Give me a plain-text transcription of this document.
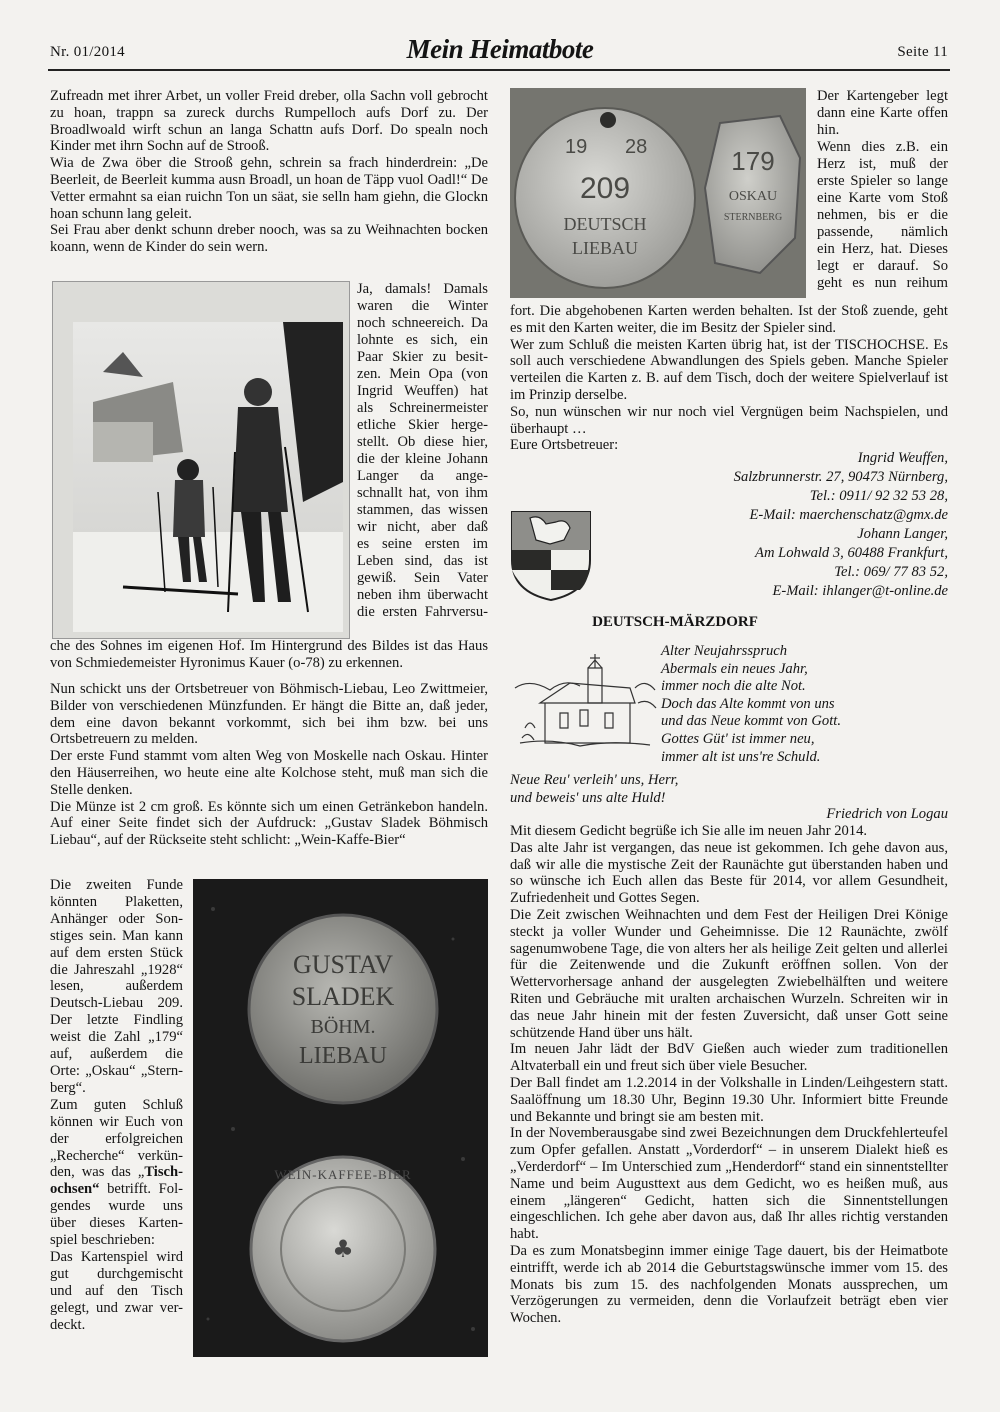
Nr. 01/2014	Mein Heimatbote	Seite 11

Zufreadn met ihrer Arbet, un voller Freid dreber, olla Sachn voll gebrocht zu hoan, trappn sa zureck durchs Rumpelloch aufs Dorf zu. Der Broadlwoald wirft schun an langa Schattn aufs Dorf. Do spealn noch Kinder met ihrn Sochn auf de Strooß.

Wia de Zwa öber die Strooß gehn, schrein sa frach hinderdrein: „De Beerleit, de Beerleit kumma ausn Broadl, un hoan de Täpp vuol Oadl!“ De Vetter ermahnt sa eian ruichn Ton un säat, sie selln ham giehn, die Glockn hoan schunn lang geleit.

Sei Frau aber denkt schunn dreber nooch, was sa zu Weihnachten bocken koann, wenn de Kinder do sein wern.

Ja, damals! Damals
waren die Winter
noch schneereich. Da
lohnte es sich, ein
Paar Skier zu besit-
zen. Mein Opa (von
Ingrid Weuffen) hat
als Schreinermeister
etliche Skier herge-
stellt. Ob diese hier,
die der kleine Johann
Langer da ange-
schnallt hat, von ihm
stammen, das wissen
wir nicht, aber daß
es seine ersten im
Leben sind, das ist
gewiß. Sein Vater
neben ihm überwacht
die ersten Fahrversu-

che des Sohnes im eigenen Hof. Im Hintergrund des Bildes ist das Haus von Schmiedemeister Hyronimus Kauer (o-78) zu erkennen.

Nun schickt uns der Ortsbetreuer von Böhmisch-Liebau, Leo Zwittmeier, Bilder von verschiedenen Münzfunden. Er hängt die Bitte an, daß jeder, dem eine davon bekannt vorkommt, sich bei ihm bzw. bei uns Ortsbetreuern zu melden.

Der erste Fund stammt vom alten Weg von Moskelle nach Oskau. Hinter den Häuserreihen, wo heute eine alte Kolchose steht, muß man sich die Stelle denken.

Die Münze ist 2 cm groß. Es könnte sich um einen Getränkebon handeln. Auf einer Seite findet sich der Aufdruck: „Gustav Sladek Böhmisch Liebau“, auf der Rückseite steht schlicht: „Wein-Kaffe-Bier“

Die zweiten Funde
könnten Plaketten,
Anhänger oder Son-
stiges sein. Man kann
auf dem ersten Stück
die Jahreszahl „1928“
lesen, außerdem
Deutsch-Liebau 209.
Der letzte Findling
weist die Zahl „179“
auf, außerdem die
Orte: „Oskau“ „Stern-
berg“.
Zum guten Schluß
können wir Euch von
der erfolgreichen
„Recherche“ verkün-
den, was das „Tisch-
ochsen“ betrifft. Fol-
gendes wurde uns
über dieses Karten-
spiel beschrieben:
Das Kartenspiel wird
gut durchgemischt
und auf den Tisch
gelegt, und zwar ver-
deckt.
GUSTAV
SLADEK
BÖHM.
LIEBAU
WEIN-KAFFEE-BIER
♣
19 28
209
DEUTSCH
LIEBAU
179
OSKAU
STERNBERG
Der Kartengeber legt
dann eine Karte offen
hin.
Wenn dies z.B. ein
Herz ist, muß der
erste Spieler so lange
eine Karte vom Stoß
nehmen, bis er die
passende, nämlich
ein Herz, hat. Dieses
legt er darauf. So
geht es nun reihum

fort. Die abgehobenen Karten werden behalten. Ist der Stoß zuende, geht es mit den Karten weiter, die im Besitz der Spieler sind.

Wer zum Schluß die meisten Karten übrig hat, ist der TISCHOCHSE. Es soll auch verschiedene Abwandlungen des Spiels geben. Manche Spieler verteilen die Karten z. B. auf dem Tisch, doch der weitere Spielverlauf ist im Prinzip derselbe.

So, nun wünschen wir nur noch viel Vergnügen beim Nachspielen, und überhaupt …

Eure Ortsbetreuer:

Ingrid Weuffen,
Salzbrunnerstr. 27, 90473 Nürnberg,
Tel.: 0911/ 92 32 53 28,
E-Mail: maerchenschatz@gmx.de
Johann Langer,
Am Lohwald 3, 60488 Frankfurt,
Tel.: 069/ 77 83 52,
E-Mail: ihlanger@t-online.de
DEUTSCH-MÄRZDORF
Alter Neujahrsspruch
Abermals ein neues Jahr,
immer noch die alte Not.
Doch das Alte kommt von uns
und das Neue kommt von Gott.
Gottes Güt' ist immer neu,
immer alt ist uns're Schuld.
Neue Reu' verleih' uns, Herr,
und beweis' uns alte Huld!
Friedrich von Logau

Mit diesem Gedicht begrüße ich Sie alle im neuen Jahr 2014.

Das alte Jahr ist vergangen, das neue ist gekommen. Ich gehe davon aus, daß wir alle die mystische Zeit der Raunächte gut überstanden haben und so wünsche ich Euch allen das Beste für 2014, vor allem Gesundheit, Zufriedenheit und Gottes Segen.

Die Zeit zwischen Weihnachten und dem Fest der Heiligen Drei Könige steckt ja voller Wunder und Geheimnisse. Die 12 Raunächte, zwölf sagenumwobene Tage, die von alters her als heilige Zeit gelten und allerlei für die Zeitenwende und die Zukunft eröffnen sollen. Von der Wettervorhersage anhand der ausgelegten Zwiebelhälften und weitere Riten und Gebräuche mit uralten archaischen Wurzeln. Schreiten wir in das neue Jahr hinein mit der festen Zuversicht, daß unser Gott seine schützende Hand über uns hält.

Im neuen Jahr lädt der BdV Gießen auch wieder zum traditionellen Altvaterball ein und freut sich über viele Besucher.

Der Ball findet am 1.2.2014 in der Volkshalle in Linden/Leihgestern statt. Saalöffnung um 18.30 Uhr, Beginn 19.30 Uhr. Informiert bitte Freunde und Bekannte und bringt sie am besten mit.

In der Novemberausgabe sind zwei Bezeichnungen dem Druckfehlerteufel zum Opfer gefallen. Anstatt „Vorderdorf“ – in unserem Dialekt hieß es „Verderdorf“ – Im Unterschied zum „Henderdorf“ stand ein sinnentstellter Name und beim Augusttext aus dem Gedicht, wo es heißen muß, aus einem „längeren“ Gedicht, hatten sich die Sinnentstellungen eingeschlichen. Ich gehe aber davon aus, daß Ihr alles richtig verstanden habt.

Da es zum Monatsbeginn immer einige Tage dauert, bis der Heimatbote eintrifft, werde ich ab 2014 die Geburtstagswünsche immer vom 15. des Monats bis zum 15. des nachfolgenden Monats aussprechen, um Verzögerungen zu vermeiden, denn die Vorlaufzeit beträgt eben vier Wochen.
